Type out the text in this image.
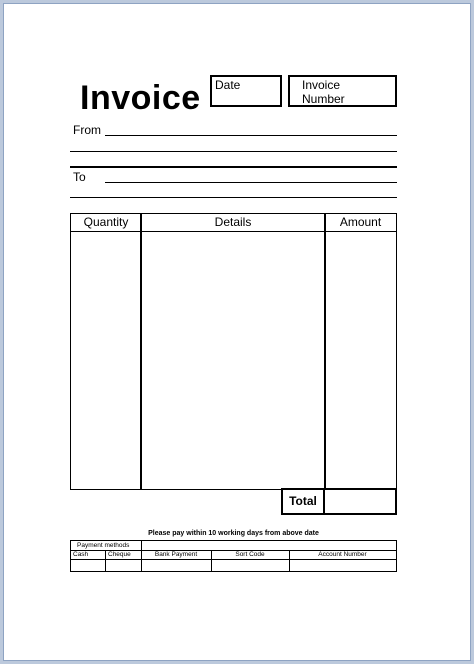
Invoice	Date	Invoice Number
From
To
Quantity	Details	Amount
Total
Please pay within 10 working days from above date
Payment methods
Cash	Cheque	Bank Payment	Sort Code	Account Number
